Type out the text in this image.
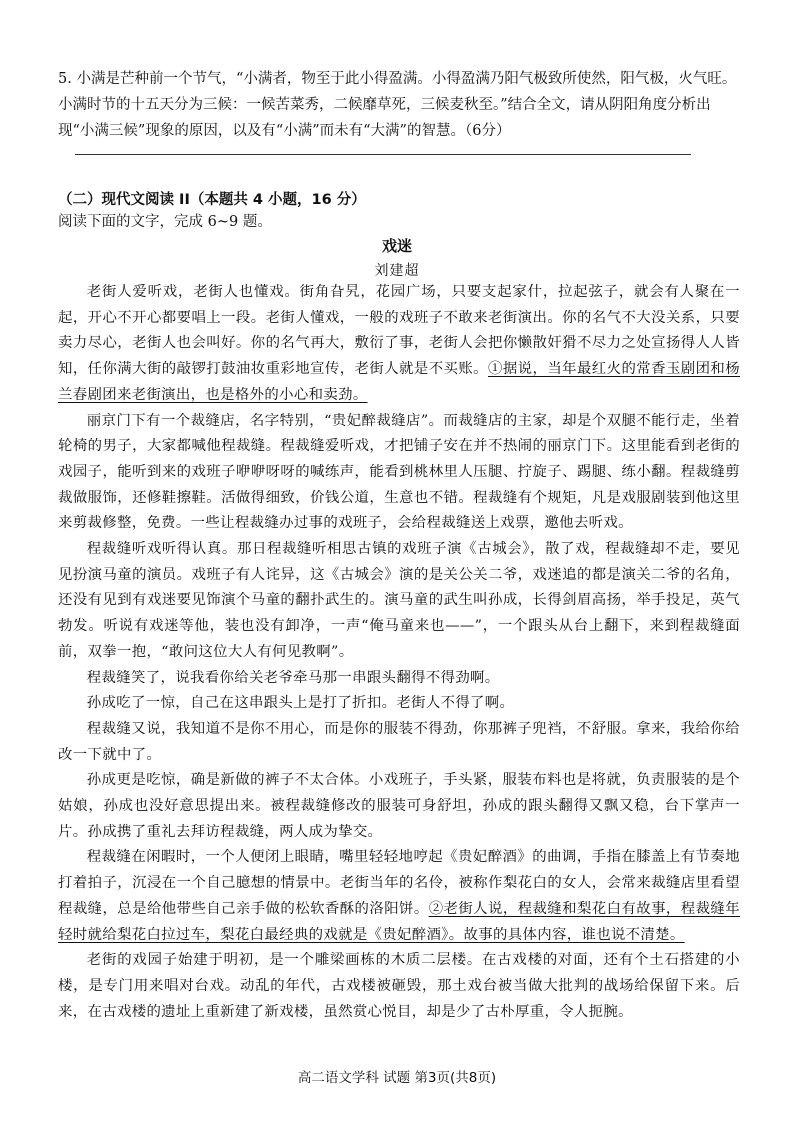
5. 小满是芒种前一个节气，“小满者，物至于此小得盈满。小得盈满乃阳气极致所使然，阳气极，火气旺。小满时节的十五天分为三候：一候苦菜秀，二候靡草死，三候麦秋至。”结合全文，请从阴阳角度分析出现“小满三候”现象的原因，以及有“小满”而未有“大满”的智慧。（6分）

（二）现代文阅读 II（本题共 4 小题，16 分）
阅读下面的文字，完成 6~9 题。
戏迷
刘建超

老街人爱听戏，老街人也懂戏。街角旮旯，花园广场，只要支起家什，拉起弦子，就会有人聚在一起，开心不开心都要唱上一段。老街人懂戏，一般的戏班子不敢来老街演出。你的名气不大没关系，只要卖力尽心，老街人也会叫好。你的名气再大，敷衍了事，老街人会把你懒散奸猾不尽力之处宣扬得人人皆知，任你满大街的敲锣打鼓油妆重彩地宣传，老街人就是不买账。①据说，当年最红火的常香玉剧团和杨兰春剧团来老街演出，也是格外的小心和卖劲。

丽京门下有一个裁缝店，名字特别，“贵妃醉裁缝店”。而裁缝店的主家，却是个双腿不能行走，坐着轮椅的男子，大家都喊他程裁缝。程裁缝爱听戏，才把铺子安在并不热闹的丽京门下。这里能看到老街的戏园子，能听到来的戏班子咿咿呀呀的喊练声，能看到桃林里人压腿、拧旋子、踢腿、练小翻。程裁缝剪裁做服饰，还修鞋擦鞋。活做得细致，价钱公道，生意也不错。程裁缝有个规矩，凡是戏服剧装到他这里来剪裁修整，免费。一些让程裁缝办过事的戏班子，会给程裁缝送上戏票，邀他去听戏。

程裁缝听戏听得认真。那日程裁缝听相思古镇的戏班子演《古城会》，散了戏，程裁缝却不走，要见见扮演马童的演员。戏班子有人诧异，这《古城会》演的是关公关二爷，戏迷追的都是演关二爷的名角，还没有见到有戏迷要见饰演个马童的翻扑武生的。演马童的武生叫孙成，长得剑眉高扬，举手投足，英气勃发。听说有戏迷等他，装也没有卸净，一声“俺马童来也——”，一个跟头从台上翻下，来到程裁缝面前，双拳一抱，“敢问这位大人有何见教啊”。

程裁缝笑了，说我看你给关老爷牵马那一串跟头翻得不得劲啊。

孙成吃了一惊，自己在这串跟头上是打了折扣。老街人不得了啊。

程裁缝又说，我知道不是你不用心，而是你的服装不得劲，你那裤子兜裆，不舒服。拿来，我给你给改一下就中了。

孙成更是吃惊，确是新做的裤子不太合体。小戏班子，手头紧，服装布料也是将就，负责服装的是个姑娘，孙成也没好意思提出来。被程裁缝修改的服装可身舒坦，孙成的跟头翻得又飘又稳，台下掌声一片。孙成携了重礼去拜访程裁缝，两人成为挚交。

程裁缝在闲暇时，一个人便闭上眼睛，嘴里轻轻地哼起《贵妃醉酒》的曲调，手指在膝盖上有节奏地打着拍子，沉浸在一个自己臆想的情景中。老街当年的名伶，被称作梨花白的女人，会常来裁缝店里看望程裁缝，总是给他带些自己亲手做的松软香酥的洛阳饼。②老街人说，程裁缝和梨花白有故事，程裁缝年轻时就给梨花白拉过车，梨花白最经典的戏就是《贵妃醉酒》。故事的具体内容，谁也说不清楚。

老街的戏园子始建于明初，是一个雕梁画栋的木质二层楼。在古戏楼的对面，还有个土石搭建的小楼，是专门用来唱对台戏。动乱的年代，古戏楼被砸毁，那土戏台被当做大批判的战场给保留下来。后来，在古戏楼的遗址上重新建了新戏楼，虽然赏心悦目，却是少了古朴厚重，令人扼腕。

高二语文学科 试题 第3页(共8页)
